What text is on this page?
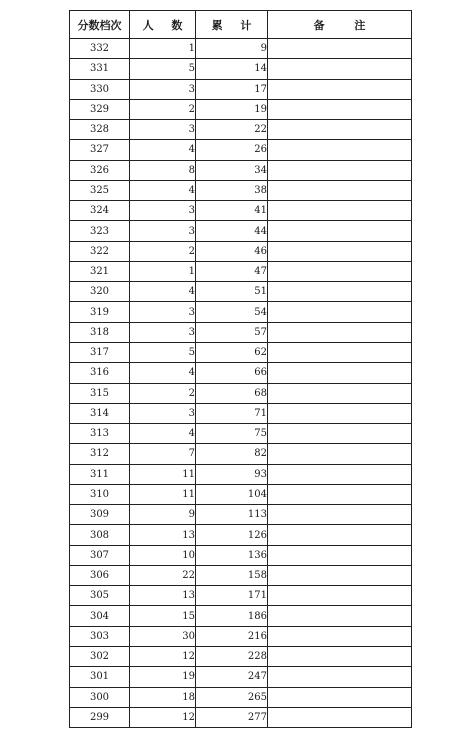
分数档次	人 数	累 计	备 注
332	1	9	
331	5	14	
330	3	17	
329	2	19	
328	3	22	
327	4	26	
326	8	34	
325	4	38	
324	3	41	
323	3	44	
322	2	46	
321	1	47	
320	4	51	
319	3	54	
318	3	57	
317	5	62	
316	4	66	
315	2	68	
314	3	71	
313	4	75	
312	7	82	
311	11	93	
310	11	104	
309	9	113	
308	13	126	
307	10	136	
306	22	158	
305	13	171	
304	15	186	
303	30	216	
302	12	228	
301	19	247	
300	18	265	
299	12	277	
